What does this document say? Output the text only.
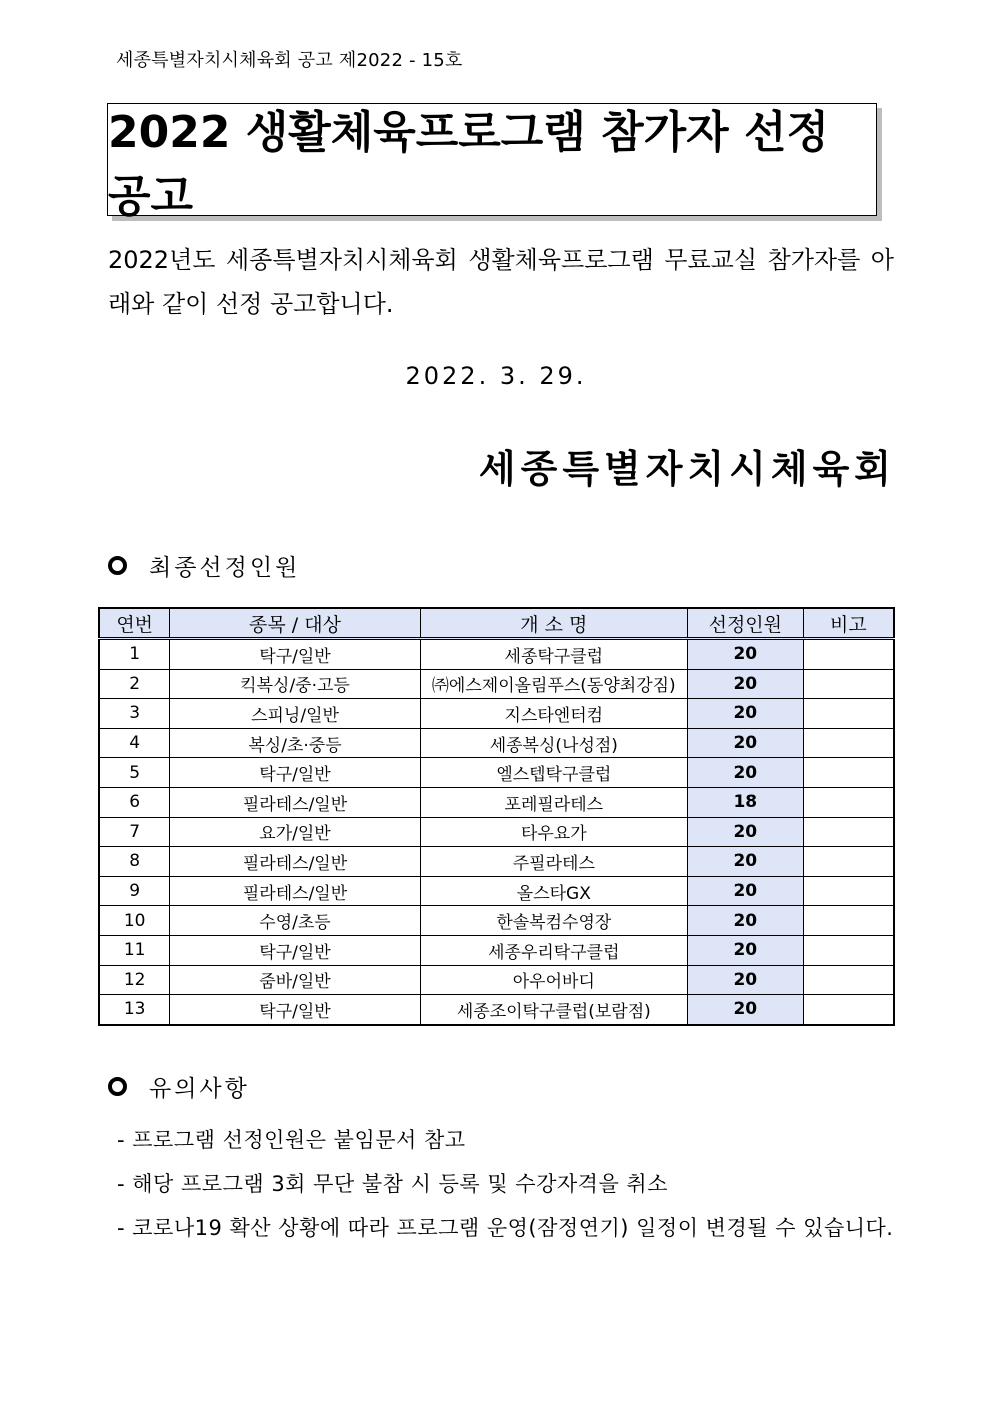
세종특별자치시체육회 공고 제2022 - 15호
2022 생활체육프로그램 참가자 선정 공고
2022년도 세종특별자치시체육회 생활체육프로그램 무료교실 참가자를 아래와 같이 선정 공고합니다.
2022. 3. 29.
세종특별자치시체육회
최종선정인원
연번	종목 / 대상	개 소 명	선정인원	비고
1	탁구/일반	세종탁구클럽	20	
2	킥복싱/중·고등	㈜에스제이올림푸스(동양최강짐)	20	
3	스피닝/일반	지스타엔터컴	20	
4	복싱/초·중등	세종복싱(나성점)	20	
5	탁구/일반	엘스텝탁구클럽	20	
6	필라테스/일반	포레필라테스	18	
7	요가/일반	타우요가	20	
8	필라테스/일반	주필라테스	20	
9	필라테스/일반	올스타GX	20	
10	수영/초등	한솔복컴수영장	20	
11	탁구/일반	세종우리탁구클럽	20	
12	줌바/일반	아우어바디	20	
13	탁구/일반	세종조이탁구클럽(보람점)	20	
유의사항
- 프로그램 선정인원은 붙임문서 참고
- 해당 프로그램 3회 무단 불참 시 등록 및 수강자격을 취소
- 코로나19 확산 상황에 따라 프로그램 운영(잠정연기) 일정이 변경될 수 있습니다.
